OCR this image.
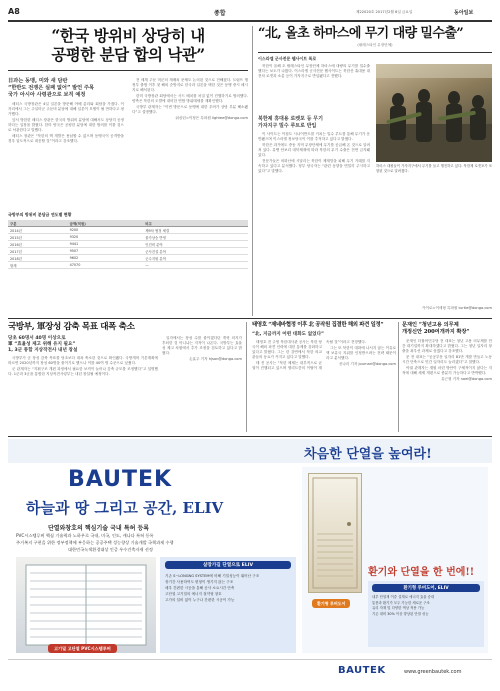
A8	종합	제22020호 2017년2월 6일 금요일	동아일보
“한국 방위비 상당히 내
공평한 분담 합의 낙관”
日과는 동맹, 미와 새 담판
“한반도 전쟁은 실패 없어” 발언 주목
국가 아시아 사령관으로 보직 예정

매티스 국방장관은 4일 일본을 방문해 아베 총리와 회담을 가졌다. 이 자리에서 그는 주일미군 주둔비 분담에 대해 일본이 모델이 될 만하다고 평가했다.

앞서 방한한 매티스 장관은 한국의 방위비 분담에 대해서도 상당히 공정하다는 입장을 밝혔다. 한미 양국은 공평한 분담에 대한 합의를 이룰 것으로 낙관한다고 말했다.

매티스 장관은 “북한의 핵 개발은 용납할 수 없으며 동맹국이 공격받을 경우 압도적으로 대응할 것”이라고 강조했다.

전 세계 주둔 미군의 재배치 문제도 논의된 것으로 전해졌다. 트럼프 행정부 출범 이후 첫 해외 순방지로 한국과 일본을 택한 것은 동맹 중시 메시지로 해석된다.

한미 국방장관 회담에서는 사드 배치를 차질 없이 진행하기로 합의했다. 양측은 북한의 도발에 대비한 연합 방위태세를 재확인했다.

국방부 관계자는 “이번 방문으로 동맹에 대한 우려가 상당 부분 해소됐다”고 설명했다.

워싱턴=이정은 특파원 lightee@donga.com

국방부의 방위비 분담금 연도별 현황
구분	금액(억원)	비고
2014년	9200	제9차 협정 체결
2015년	9320	물가상승 반영
2016년	9441	인건비 분야
2017년	9507	군사건설 분야
2018년	9602	군수지원 분야
합계	47070	—
“北, 올초 하마스에 무기 대량 밀수출”
(필레스타인 무장단체)
이스라엘 군사전문 웹사이트 폭로

북한이 올해 초 팔레스타인 무장단체 하마스에 대량의 무기를 밀수출했다는 보도가 나왔다. 이스라엘 군사전문 웹사이트는 북한산 휴대용 대전차 로켓과 소총 등이 가자지구로 반입됐다고 전했다.

북한제 휴대용 로켓포 등 무기
가자지구 밀수 루트로 반입

이 사이트는 이집트 시나이반도를 거치는 밀수 루트를 통해 무기가 운반됐으며 이스라엘 정보당국이 이를 추적하고 있다고 밝혔다.

북한은 과거에도 중동 지역 무장단체에 무기를 공급해 온 것으로 알려져 있다. 유엔 안보리 대북제재에 따라 북한의 무기 수출은 전면 금지돼 있다.

전문가들은 외화난에 시달리는 북한이 제재망을 피해 무기 거래를 지속하고 있다고 분석했다. 정부 당국자는 “관련 동향을 면밀히 주시하고 있다”고 말했다.

하마스 대원들이 가자지구에서 무기를 들고 행진하고 있다. 북한제 로켓포가 포함된 것으로 알려졌다.
카이로=이세형 특파원 turtle@donga.com
국방부, 軍장성 감축 목표 대폭 축소
당초 60명서 40명 이상으로
軍 “효율성 제고 위해 유지 필요”
1, 3군 통합 지상작전사 내년 창설

국방부가 군 장성 감축 목표를 당초보다 대폭 축소한 것으로 확인됐다. 국방개혁 기본계획에 따르면 2020년까지 장성 60명을 줄이기로 했으나 이를 40여 명 수준으로 낮췄다.

군 관계자는 “지휘구조 개편 과정에서 필요한 보직이 늘어나 감축 규모를 조정했다”고 설명했다. 1군과 3군을 통합한 지상작전사령부는 내년 창설될 예정이다.

일각에서는 장성 수를 줄이겠다던 개혁 의지가 후퇴한 것 아니냐는 지적이 나온다. 국방부는 효율성 제고 차원에서 추가 조정을 검토하고 있다고 밝혔다.

손효주 기자 hjson@donga.com

태영호 “제네바협정 이후 北 공작원 집결한 해외 파견 일정”
“北, 지금까지 어떤 대화도 없었다”

태영호 전 주영 북한대사관 공사는 북한 당국이 해외 파견 인력에 대한 통제를 강화하고 있다고 밝혔다. 그는 한 강연에서 북한 외교관들의 동요가 커지고 있다고 말했다.

태 전 공사는 “북한 체제는 내부적으로 균열이 진행되고 있으며 엘리트층의 이탈이 계속될 것”이라고 전망했다.

그는 또 북한이 대화에 나서지 않는 이유로 핵 보유국 지위를 인정받으려는 전략 때문이라고 분석했다.

신나리 기자 journari@donga.com

문재인 “청년고용 의무제
개정신안 200여개까지 확장”

문재인 더불어민주당 전 대표는 청년 고용 의무제를 민간 대기업까지 확대하겠다고 밝혔다. 그는 청년 일자리 창출을 최우선 과제로 삼겠다고 강조했다.

문 전 대표는 “공공부문 일자리 81만 개를 만들고 노동시간 단축으로 민간 일자리도 늘리겠다”고 말했다.

야권 관계자는 재원 마련 방안이 구체적이지 않다는 지적에 대해 세제 개편으로 충분히 가능하다고 반박했다.

유근형 기자 noel@donga.com

차음한 단열을 높여라!
BAUTEK
하늘과 땅 그리고 공간, ELIV
단열와창호의 핵심기술 국내 특허 등록
PVC시스템루버 핵심 기술력과 노하우로 국내, 미국, 인도, 캐나다 특허 등록
주거복지 구현을 위한 정부정책에 부응하는 공공주택 성능향상 기술개발 국책과제 수행
대한민국녹색환경대상 인증 우수건축자재 선정
고기밀 고단열 PVC시스템루버
살장가길 단열으로 ELIV
기존 S~LONGNG SYSTEM에 비해 기밀성능이 뛰어난 구조
장기간 사용하여도 변형이 생기지 않는 구조
매우 간편한 시공을 통해 공사 소요시간 단축
고단열 고기밀의 에너지 절약형 창호
고가의 설비 없이 누구나 간편한 시공이 가능
환기와 단열을 한 번에!!
환기형 루버도어, ELIV
내부 단열재 이중 설계로 에너지 효율 증대
통풍과 환기가 모두 가능한 새로운 구조
유리 자재 및 다양한 색상 적용 가능
기존 대비 30% 이상 향상된 단열 성능
환기형 루버도어
BAUTEK	www.greenbautek.com
